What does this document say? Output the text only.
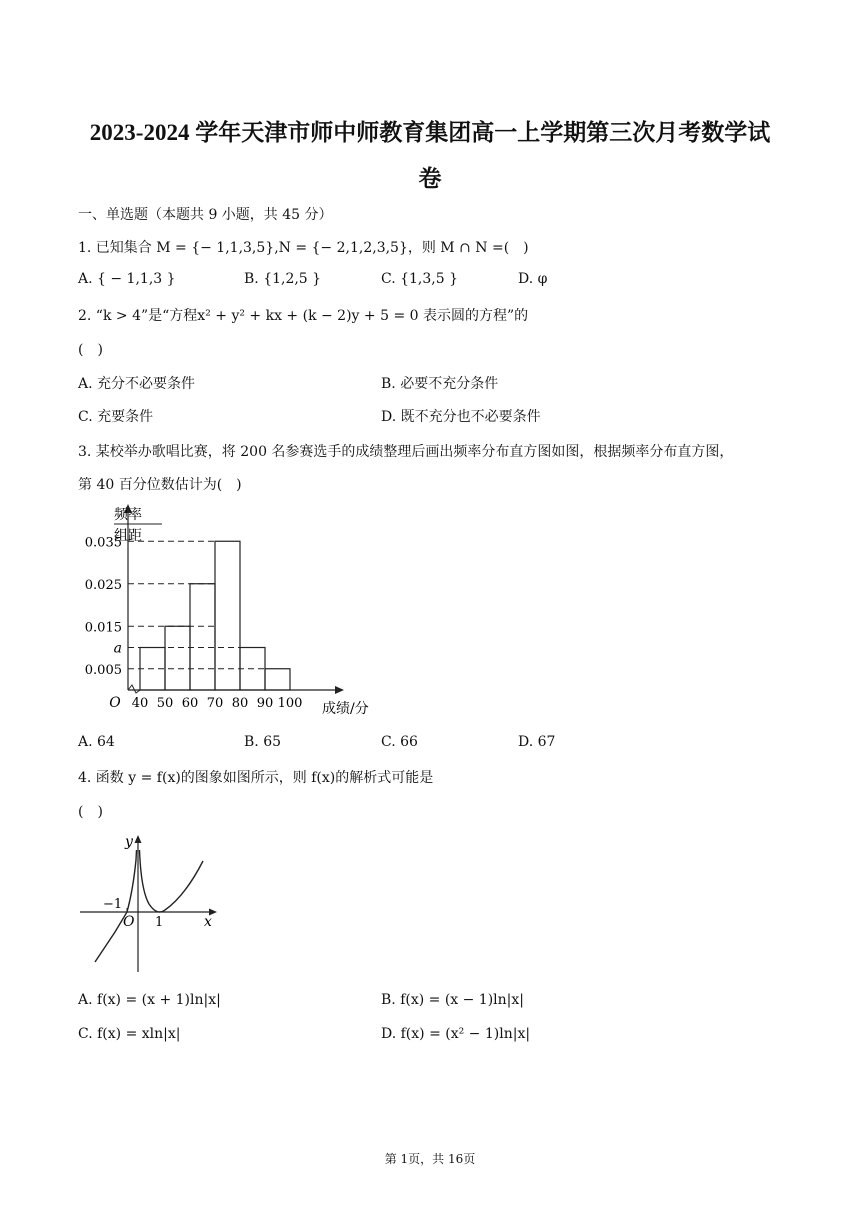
2023-2024 学年天津市师中师教育集团高一上学期第三次月考数学试
卷
一、单选题（本题共 9 小题，共 45 分）
1. 已知集合 M = {− 1,1,3,5},N = {− 2,1,2,3,5}，则 M ∩ N =(　)
A. { − 1,1,3 }	B. {1,2,5 }	C. {1,3,5 }	D. φ
2. “k > 4”是“方程x² + y² + kx + (k − 2)y + 5 = 0 表示圆的方程”的
(　)
A. 充分不必要条件	B. 必要不充分条件
C. 充要条件	D. 既不充分也不必要条件
3. 某校举办歌唱比赛，将 200 名参赛选手的成绩整理后画出频率分布直方图如图，根据频率分布直方图，
第 40 百分位数估计为(　)
频率
组距
0.035
0.025
0.015
a
0.005
40 50 60 70 80 90 100
O	成绩/分
A. 64	B. 65	C. 66	D. 67
4. 函数 y = f(x)的图象如图所示，则 f(x)的解析式可能是
(　)
y
x
O
−1
1
A. f(x) = (x + 1)ln|x|	B. f(x) = (x − 1)ln|x|
C. f(x) = xln|x|	D. f(x) = (x² − 1)ln|x|
第 1页，共 16页
